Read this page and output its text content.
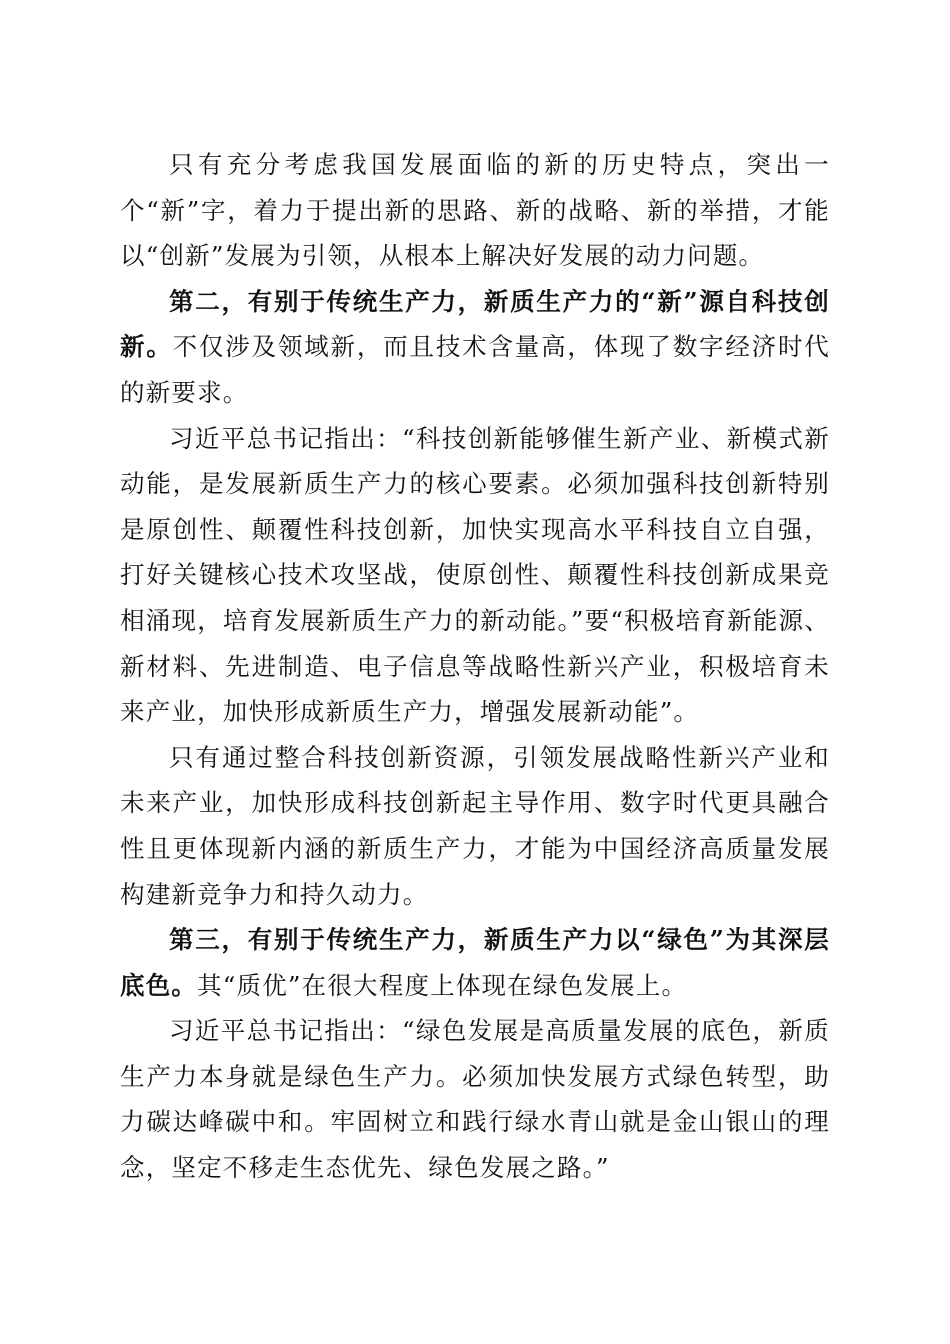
只有充分考虑我国发展面临的新的历史特点，突出一个“新”字，着力于提出新的思路、新的战略、新的举措，才能以“创新”发展为引领，从根本上解决好发展的动力问题。

第二，有别于传统生产力，新质生产力的“新”源自科技创新。不仅涉及领域新，而且技术含量高，体现了数字经济时代的新要求。

习近平总书记指出：“科技创新能够催生新产业、新模式新动能，是发展新质生产力的核心要素。必须加强科技创新特别是原创性、颠覆性科技创新，加快实现高水平科技自立自强，打好关键核心技术攻坚战，使原创性、颠覆性科技创新成果竞相涌现，培育发展新质生产力的新动能。”要“积极培育新能源、新材料、先进制造、电子信息等战略性新兴产业，积极培育未来产业，加快形成新质生产力，增强发展新动能”。

只有通过整合科技创新资源，引领发展战略性新兴产业和未来产业，加快形成科技创新起主导作用、数字时代更具融合性且更体现新内涵的新质生产力，才能为中国经济高质量发展构建新竞争力和持久动力。

第三，有别于传统生产力，新质生产力以“绿色”为其深层底色。其“质优”在很大程度上体现在绿色发展上。

习近平总书记指出：“绿色发展是高质量发展的底色，新质生产力本身就是绿色生产力。必须加快发展方式绿色转型，助力碳达峰碳中和。牢固树立和践行绿水青山就是金山银山的理念，坚定不移走生态优先、绿色发展之路。”
